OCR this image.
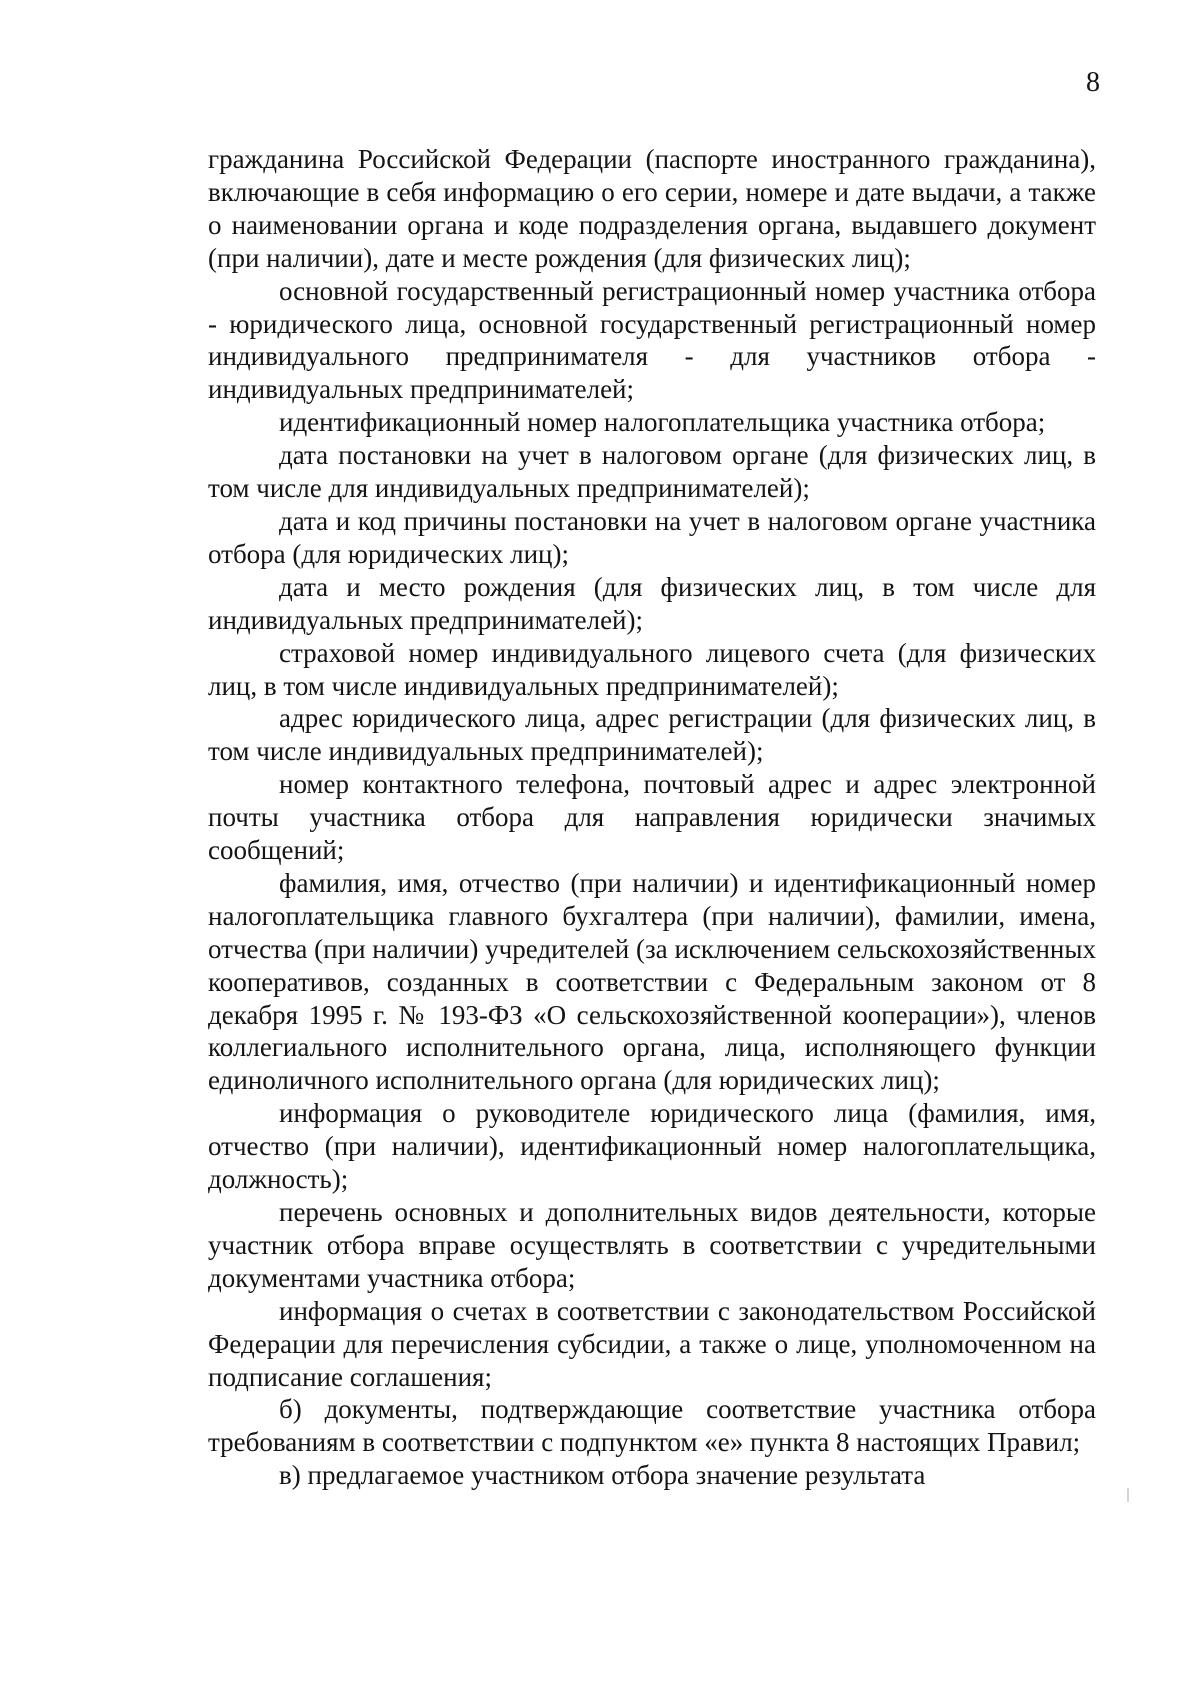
8

гражданина Российской Федерации (паспорте иностранного гражданина), включающие в себя информацию о его серии, номере и дате выдачи, а также о наименовании органа и коде подразделения органа, выдавшего документ (при наличии), дате и месте рождения (для физических лиц);

основной государственный регистрационный номер участника отбора - юридического лица, основной государственный регистрационный номер индивидуального предпринимателя - для участников отбора - индивидуальных предпринимателей;

идентификационный номер налогоплательщика участника отбора;

дата постановки на учет в налоговом органе (для физических лиц, в том числе для индивидуальных предпринимателей);

дата и код причины постановки на учет в налоговом органе участника отбора (для юридических лиц);

дата и место рождения (для физических лиц, в том числе для индивидуальных предпринимателей);

страховой номер индивидуального лицевого счета (для физических лиц, в том числе индивидуальных предпринимателей);

адрес юридического лица, адрес регистрации (для физических лиц, в том числе индивидуальных предпринимателей);

номер контактного телефона, почтовый адрес и адрес электронной почты участника отбора для направления юридически значимых сообщений;

фамилия, имя, отчество (при наличии) и идентификационный номер налогоплательщика главного бухгалтера (при наличии), фамилии, имена, отчества (при наличии) учредителей (за исключением сельскохозяйственных кооперативов, созданных в соответствии с Федеральным законом от 8 декабря 1995 г. № 193-ФЗ «О сельскохозяйственной кооперации»), членов коллегиального исполнительного органа, лица, исполняющего функции единоличного исполнительного органа (для юридических лиц);

информация о руководителе юридического лица (фамилия, имя, отчество (при наличии), идентификационный номер налогоплательщика, должность);

перечень основных и дополнительных видов деятельности, которые участник отбора вправе осуществлять в соответствии с учредительными документами участника отбора;

информация о счетах в соответствии с законодательством Российской Федерации для перечисления субсидии, а также о лице, уполномоченном на подписание соглашения;

б) документы, подтверждающие соответствие участника отбора требованиям в соответствии с подпунктом «е» пункта 8 настоящих Правил;

в) предлагаемое участником отбора значение результата
